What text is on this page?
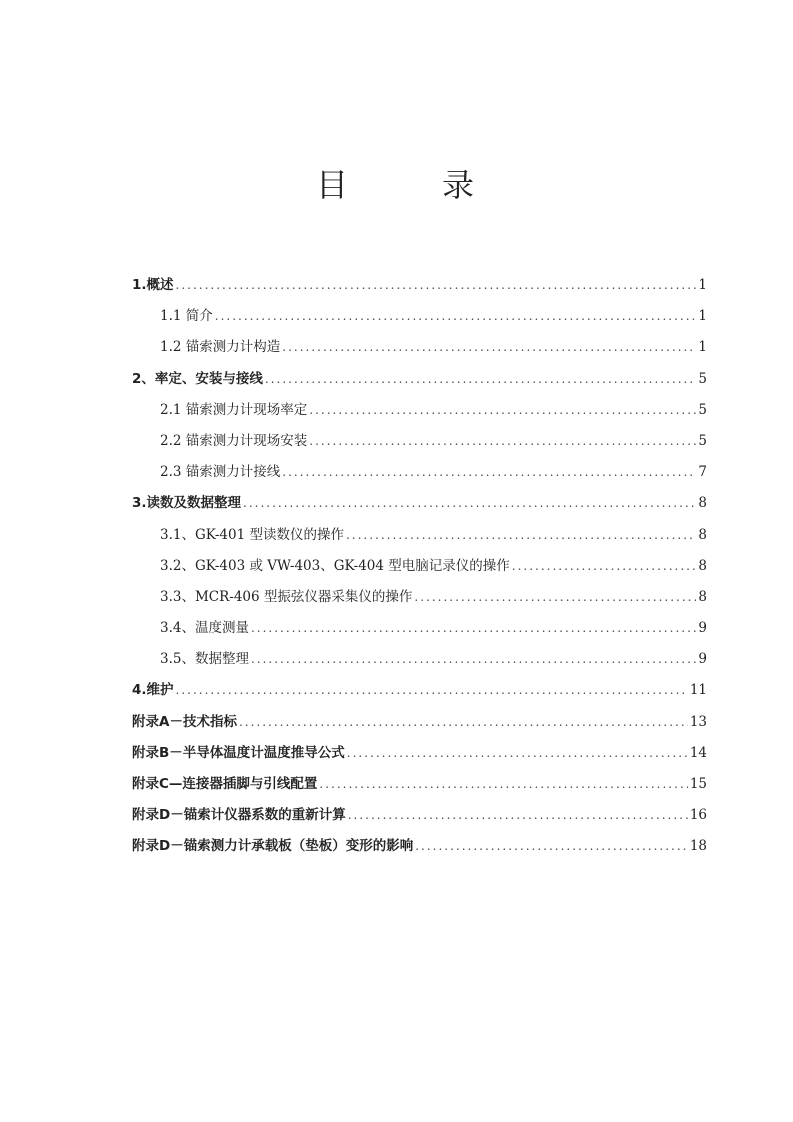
目	录
1.概述 .....	1
1.1 简介 .....	1
1.2 锚索测力计构造 .....	1
2、率定、安装与接线 .....	5
2.1 锚索测力计现场率定 .....	5
2.2 锚索测力计现场安装 .....	5
2.3 锚索测力计接线 .....	7
3.读数及数据整理 .....	8
3.1、GK-401 型读数仪的操作 .....	8
3.2、GK-403 或 VW-403、GK-404 型电脑记录仪的操作 .....	8
3.3、MCR-406 型振弦仪器采集仪的操作 .....	8
3.4、温度测量 .....	9
3.5、数据整理 .....	9
4.维护 .....	11
附录A－技术指标 .....	13
附录B－半导体温度计温度推导公式 .....	14
附录C—连接器插脚与引线配置 .....	15
附录D－锚索计仪器系数的重新计算 .....	16
附录D－锚索测力计承载板（垫板）变形的影响 .....	18
